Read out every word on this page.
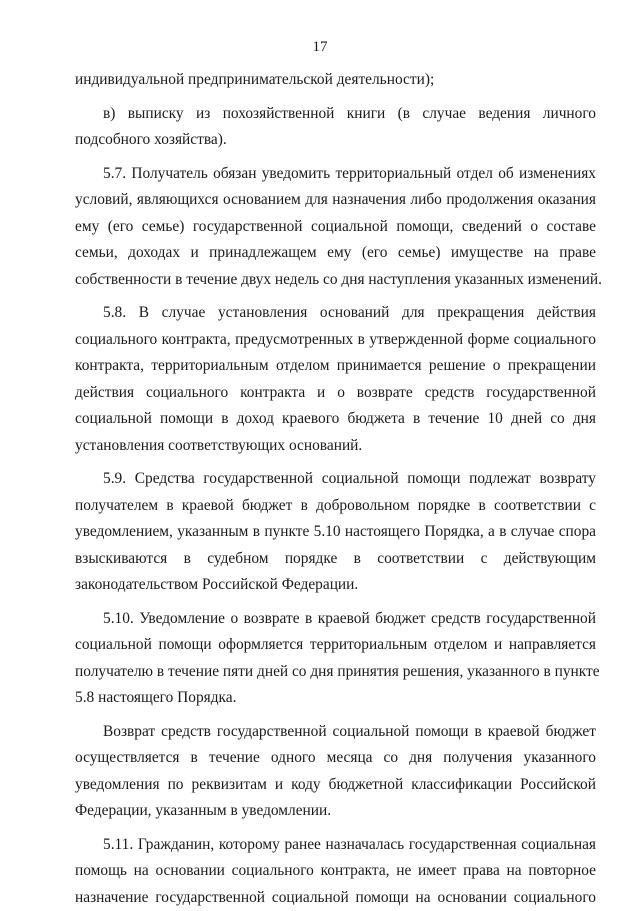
17
индивидуальной предпринимательской деятельности);
в) выписку из похозяйственной книги (в случае ведения личного
подсобного хозяйства).
5.7. Получатель обязан уведомить территориальный отдел об изменениях
условий, являющихся основанием для назначения либо продолжения оказания
ему (его семье) государственной социальной помощи, сведений о составе
семьи, доходах и принадлежащем ему (его семье) имуществе на праве
собственности в течение двух недель со дня наступления указанных изменений.
5.8. В случае установления оснований для прекращения действия
социального контракта, предусмотренных в утвержденной форме социального
контракта, территориальным отделом принимается решение о прекращении
действия социального контракта и о возврате средств государственной
социальной помощи в доход краевого бюджета в течение 10 дней со дня
установления соответствующих оснований.
5.9. Средства государственной социальной помощи подлежат возврату
получателем в краевой бюджет в добровольном порядке в соответствии с
уведомлением, указанным в пункте 5.10 настоящего Порядка, а в случае спора
взыскиваются в судебном порядке в соответствии с действующим
законодательством Российской Федерации.
5.10. Уведомление о возврате в краевой бюджет средств государственной
социальной помощи оформляется территориальным отделом и направляется
получателю в течение пяти дней со дня принятия решения, указанного в пункте
5.8 настоящего Порядка.
Возврат средств государственной социальной помощи в краевой бюджет
осуществляется в течение одного месяца со дня получения указанного
уведомления по реквизитам и коду бюджетной классификации Российской
Федерации, указанным в уведомлении.
5.11. Гражданин, которому ранее назначалась государственная социальная
помощь на основании социального контракта, не имеет права на повторное
назначение государственной социальной помощи на основании социального
